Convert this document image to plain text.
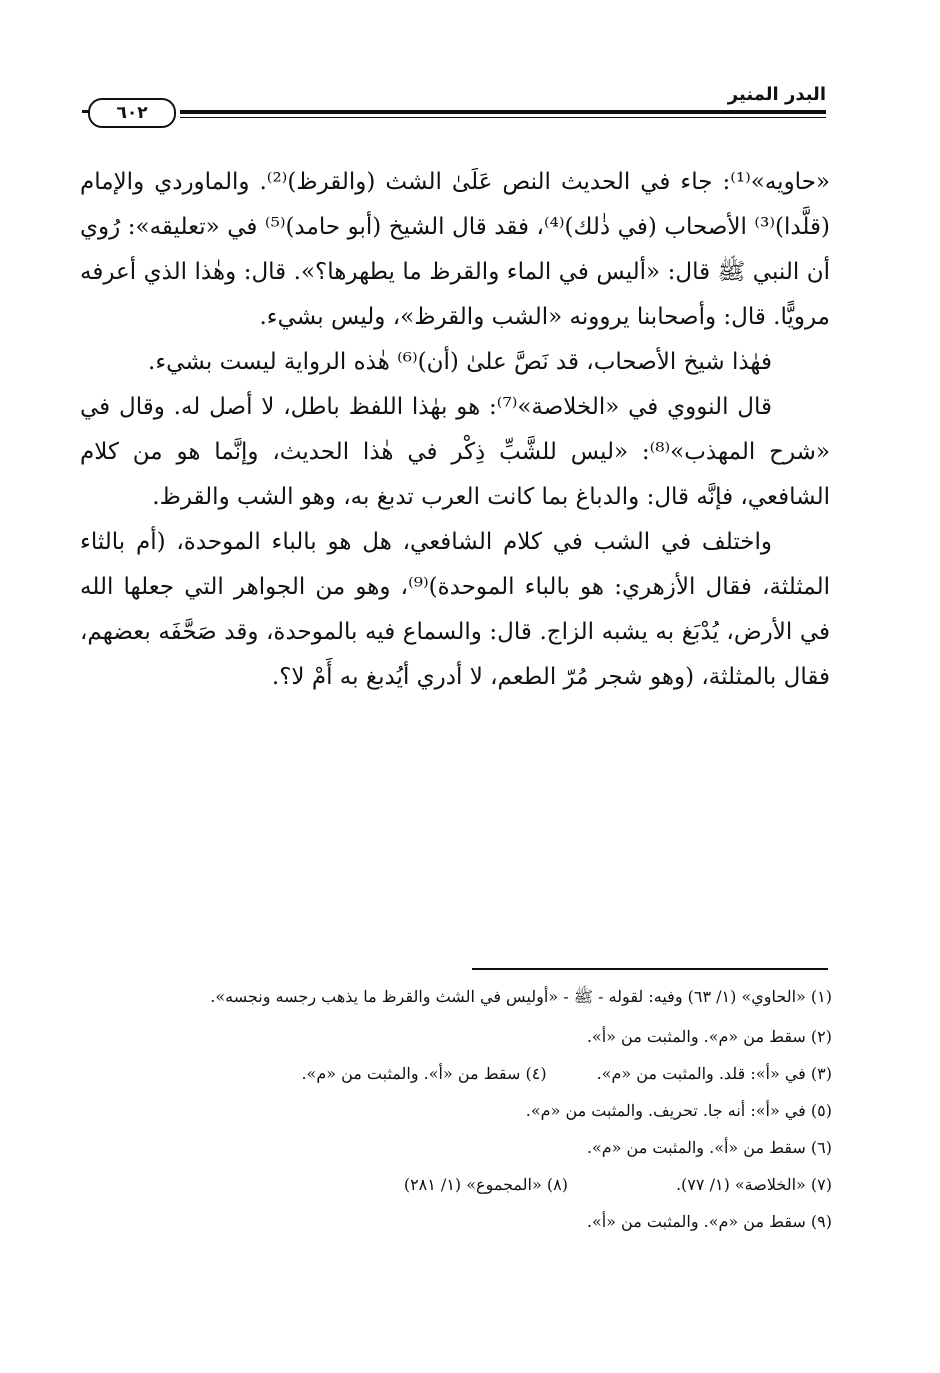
البدر المنير
٦٠٢

«حاويه»⁽¹⁾: جاء في الحديث النص عَلَىٰ الشث (والقرظ)⁽²⁾. والماوردي والإمام (قلَّدا)⁽³⁾ الأصحاب (في ذٰلك)⁽⁴⁾، فقد قال الشيخ (أبو حامد)⁽⁵⁾ في «تعليقه»: رُوي أن النبي ﷺ قال: «أليس في الماء والقرظ ما يطهرها؟». قال: وهٰذا الذي أعرفه مرويًّا. قال: وأصحابنا يروونه «الشب والقرظ»، وليس بشيء.

فهٰذا شيخ الأصحاب، قد نَصَّ علىٰ (أن)⁽⁶⁾ هٰذه الرواية ليست بشيء.

قال النووي في «الخلاصة»⁽⁷⁾: هو بهٰذا اللفظ باطل، لا أصل له. وقال في «شرح المهذب»⁽⁸⁾: «ليس للشَّبِّ ذِكْر في هٰذا الحديث، وإنَّما هو من كلام الشافعي، فإنَّه قال: والدباغ بما كانت العرب تدبغ به، وهو الشب والقرظ.

واختلف في الشب في كلام الشافعي، هل هو بالباء الموحدة، (أم بالثاء المثلثة، فقال الأزهري: هو بالباء الموحدة)⁽⁹⁾، وهو من الجواهر التي جعلها الله في الأرض، يُدْبَغ به يشبه الزاج. قال: والسماع فيه بالموحدة، وقد صَحَّفَه بعضهم، فقال بالمثلثة، (وهو شجر مُرّ الطعم، لا أدري أيُدبغ به أَمْ لا؟.

(١) «الحاوي» (١/ ٦٣) وفيه: لقوله - ﷺ - «أوليس في الشث والقرظ ما يذهب رجسه ونجسه».

(٢) سقط من «م». والمثبت من «أ».

(٣) في «أ»: قلد. والمثبت من «م».

(٤) سقط من «أ». والمثبت من «م».

(٥) في «أ»: أنه جا. تحريف. والمثبت من «م».

(٦) سقط من «أ». والمثبت من «م».

(٧) «الخلاصة» (١/ ٧٧).

(٨) «المجموع» (١/ ٢٨١)

(٩) سقط من «م». والمثبت من «أ».
